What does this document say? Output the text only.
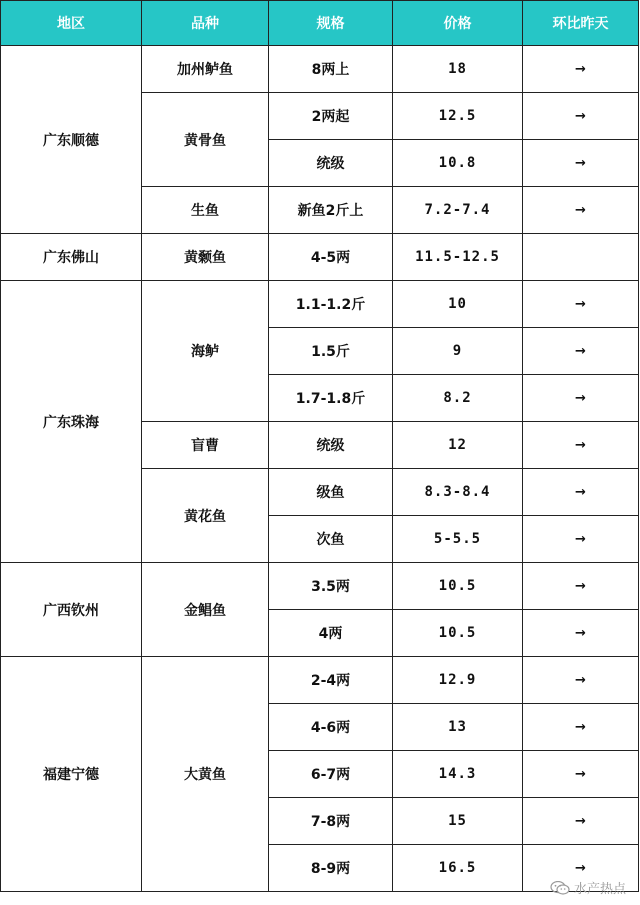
地区	品种	规格	价格	环比昨天
广东顺德	加州鲈鱼	8两上	18	→
	黄骨鱼	2两起	12.5	→
		统级	10.8	→
	生鱼	新鱼2斤上	7.2-7.4	→
广东佛山	黄颡鱼	4-5两	11.5-12.5	
广东珠海	海鲈	1.1-1.2斤	10	→
		1.5斤	9	→
		1.7-1.8斤	8.2	→
	盲曹	统级	12	→
	黄花鱼	级鱼	8.3-8.4	→
		次鱼	5-5.5	→
广西钦州	金鲳鱼	3.5两	10.5	→
		4两	10.5	→
福建宁德	大黄鱼	2-4两	12.9	→
		4-6两	13	→
		6-7两	14.3	→
		7-8两	15	→
		8-9两	16.5	→
水产热点
